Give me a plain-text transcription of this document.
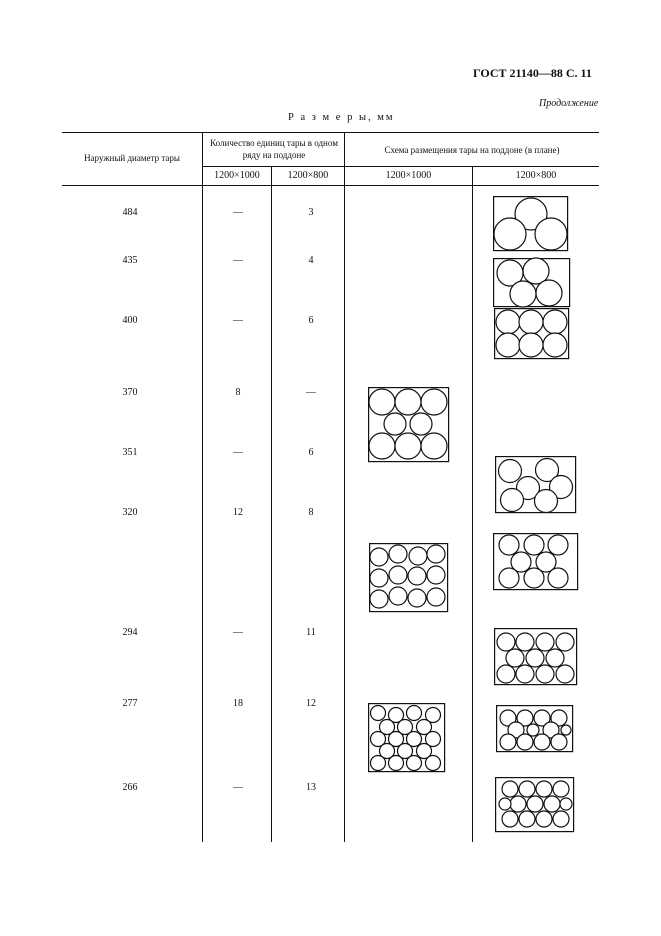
ГОСТ 21140—88 С. 11
Продолжение
Р а з м е р ы, мм
Наружный диаметр тары
Количество единиц тары в одном ряду на поддоне	Схема размещения тары на поддоне (в плане)
1200×1000	1200×800	1200×1000	1200×800
484	—	3
435	—	4
400	—	6
370	8	—
351	—	6
320	12	8
294	—	11
277	18	12
266	—	13
